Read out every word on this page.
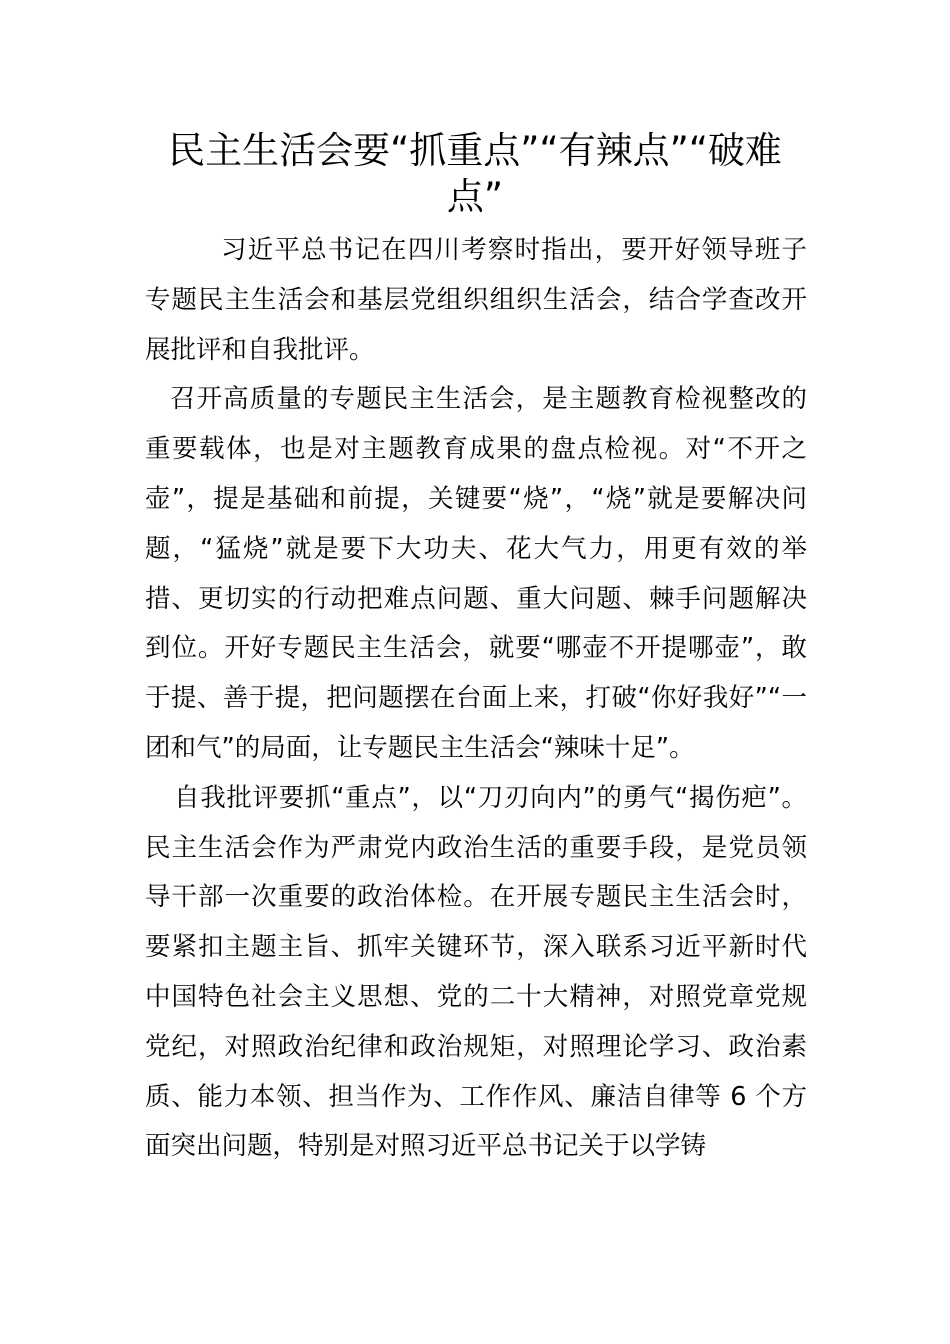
民主生活会要“抓重点”“有辣点”“破难点”

习近平总书记在四川考察时指出，要开好领导班子专题民主生活会和基层党组织组织生活会，结合学查改开展批评和自我批评。

召开高质量的专题民主生活会，是主题教育检视整改的重要载体，也是对主题教育成果的盘点检视。对“不开之壶”，提是基础和前提，关键要“烧”，“烧”就是要解决问题，“猛烧”就是要下大功夫、花大气力，用更有效的举措、更切实的行动把难点问题、重大问题、棘手问题解决到位。开好专题民主生活会，就要“哪壶不开提哪壶”，敢于提、善于提，把问题摆在台面上来，打破“你好我好”“一团和气”的局面，让专题民主生活会“辣味十足”。

自我批评要抓“重点”，以“刀刃向内”的勇气“揭伤疤”。民主生活会作为严肃党内政治生活的重要手段，是党员领导干部一次重要的政治体检。在开展专题民主生活会时，要紧扣主题主旨、抓牢关键环节，深入联系习近平新时代中国特色社会主义思想、党的二十大精神，对照党章党规党纪，对照政治纪律和政治规矩，对照理论学习、政治素质、能力本领、担当作为、工作作风、廉洁自律等 6 个方面突出问题，特别是对照习近平总书记关于以学铸
